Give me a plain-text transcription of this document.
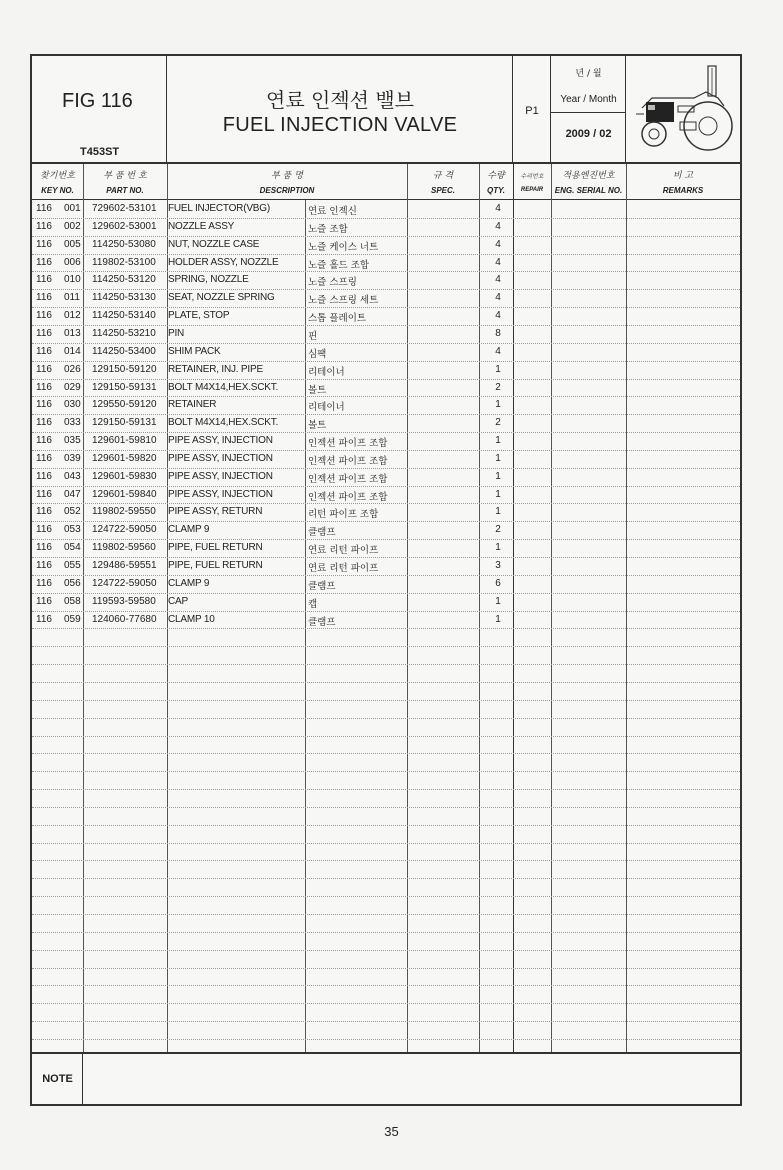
FIG 116
T453ST
연료 인젝션 밸브
FUEL INJECTION VALVE
P1
년 / 월
Year / Month
2009 / 02
찾기번호
KEY NO.
부 품 번 호
PART NO.
부 품 명
DESCRIPTION
규 격
SPEC.
수량
QTY.
수리번호
REPAIR
적용엔진번호
ENG. SERIAL NO.
비 고
REMARKS
116 001 729602-53101 FUEL INJECTOR(VBG)	연료 인젝신	4
116 002 129602-53001 NOZZLE ASSY	노즐 조합	4
116 005 114250-53080 NUT, NOZZLE CASE	노즐 케이스 너트	4
116 006 119802-53100 HOLDER ASSY, NOZZLE	노즐 홀드 조합	4
116 010 114250-53120 SPRING, NOZZLE	노즐 스프링	4
116 011 114250-53130 SEAT, NOZZLE SPRING	노즐 스프링 세트	4
116 012 114250-53140 PLATE, STOP	스톱 플레이트	4
116 013 114250-53210 PIN	핀	8
116 014 114250-53400 SHIM PACK	심팩	4
116 026 129150-59120 RETAINER, INJ. PIPE	리테이너	1
116 029 129150-59131 BOLT M4X14,HEX.SCKT.	볼트	2
116 030 129550-59120 RETAINER	리테이너	1
116 033 129150-59131 BOLT M4X14,HEX.SCKT.	볼트	2
116 035 129601-59810 PIPE ASSY, INJECTION	인젝션 파이프 조합	1
116 039 129601-59820 PIPE ASSY, INJECTION	인젝션 파이프 조합	1
116 043 129601-59830 PIPE ASSY, INJECTION	인젝션 파이프 조합	1
116 047 129601-59840 PIPE ASSY, INJECTION	인젝션 파이프 조합	1
116 052 119802-59550 PIPE ASSY, RETURN	리턴 파이프 조합	1
116 053 124722-59050 CLAMP 9	클램프	2
116 054 119802-59560 PIPE, FUEL RETURN	연료 리턴 파이프	1
116 055 129486-59551 PIPE, FUEL RETURN	연료 리턴 파이프	3
116 056 124722-59050 CLAMP 9	클램프	6
116 058 119593-59580 CAP	캡	1
116 059 124060-77680 CLAMP 10	클램프	1
NOTE
35
